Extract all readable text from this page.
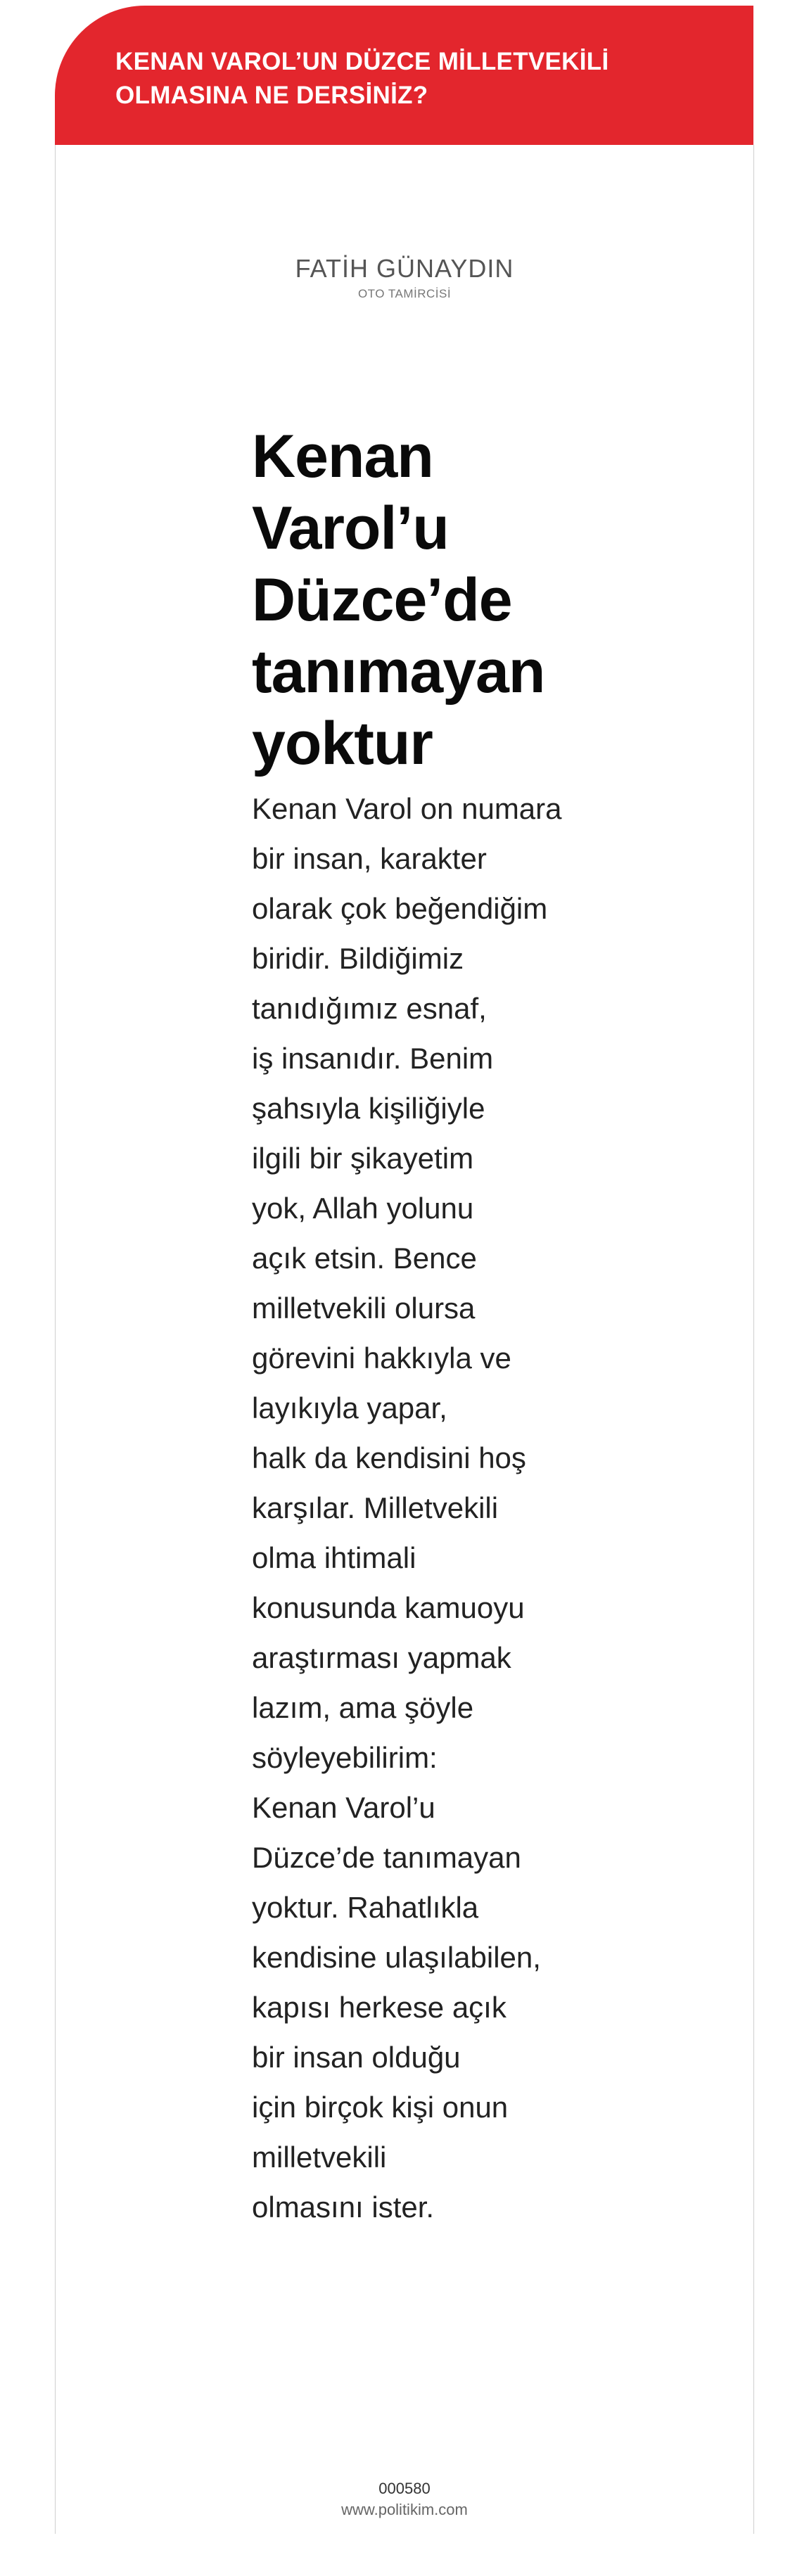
KENAN VAROL’UN DÜZCE MİLLETVEKİLİ
OLMASINA NE DERSİNİZ?

FATİH GÜNAYDIN
OTO TAMİRCİSİ
Kenan Varol’u Düzce’de tanımayan yoktur

Kenan Varol on numara
bir insan, karakter
olarak çok beğendiğim
biridir. Bildiğimiz
tanıdığımız esnaf,
iş insanıdır. Benim
şahsıyla kişiliğiyle
ilgili bir şikayetim
yok, Allah yolunu
açık etsin. Bence
milletvekili olursa
görevini hakkıyla ve
layıkıyla yapar,
halk da kendisini hoş
karşılar. Milletvekili
olma ihtimali
konusunda kamuoyu
araştırması yapmak
lazım, ama şöyle
söyleyebilirim:
Kenan Varol’u
Düzce’de tanımayan
yoktur. Rahatlıkla
kendisine ulaşılabilen,
kapısı herkese açık
bir insan olduğu
için birçok kişi onun
milletvekili
olmasını ister.

000580
www.politikim.com
